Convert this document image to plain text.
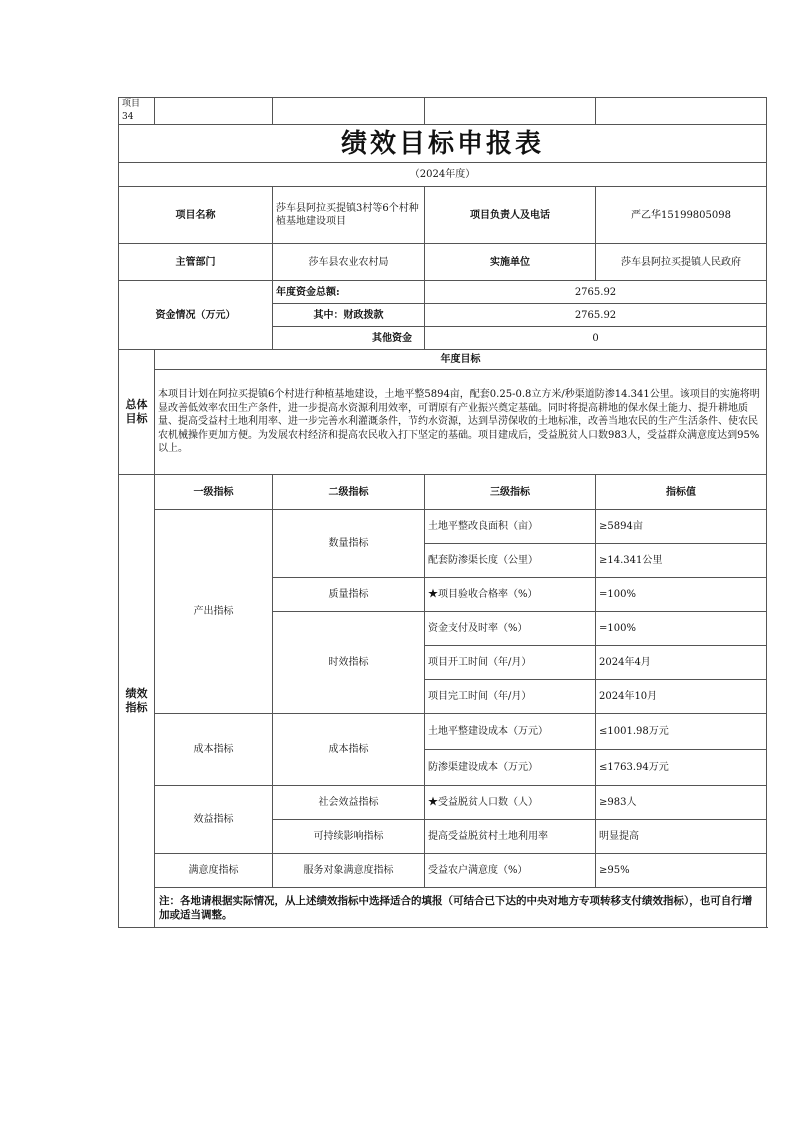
项目34				
绩效目标申报表				
（2024年度）				
项目名称		莎车县阿拉买提镇3村等6个村种植基地建设项目	项目负责人及电话	严乙华15199805098
主管部门		莎车县农业农村局	实施单位	莎车县阿拉买提镇人民政府
资金情况（万元）		年度资金总额:	2765.92	
		其中：财政拨款	2765.92	
		其他资金	0	

总体
目标	年度目标			
	本项目计划在阿拉买提镇6个村进行种植基地建设，土地平整5894亩，配套0.25-0.8立方米/秒渠道防渗14.341公里。该项目的实施将明显改善低效率农田生产条件，进一步提高水资源利用效率，可谓原有产业振兴奠定基础。同时将提高耕地的保水保土能力、提升耕地质量、提高受益村土地利用率、进一步完善水利灌溉条件，节约水资源，达到旱涝保收的土地标准，改善当地农民的生产生活条件、使农民农机械操作更加方便。为发展农村经济和提高农民收入打下坚定的基础。项目建成后，受益脱贫人口数983人，受益群众满意度达到95%以上。			

绩效
指标	一级指标	二级指标	三级指标	指标值
	产出指标	数量指标	土地平整改良面积（亩）	≥5894亩
			配套防渗渠长度（公里）	≥14.341公里
		质量指标	★项目验收合格率（%）	=100%
		时效指标	资金支付及时率（%）	=100%
			项目开工时间（年/月）	2024年4月
			项目完工时间（年/月）	2024年10月
	成本指标	成本指标	土地平整建设成本（万元）	≤1001.98万元
			防渗渠建设成本（万元）	≤1763.94万元
	效益指标	社会效益指标	★受益脱贫人口数（人）	≥983人
		可持续影响指标	提高受益脱贫村土地利用率	明显提高
	满意度指标	服务对象满意度指标	受益农户满意度（%）	≥95%
	注：各地请根据实际情况，从上述绩效指标中选择适合的填报（可结合已下达的中央对地方专项转移支付绩效指标），也可自行增加或适当调整。			
